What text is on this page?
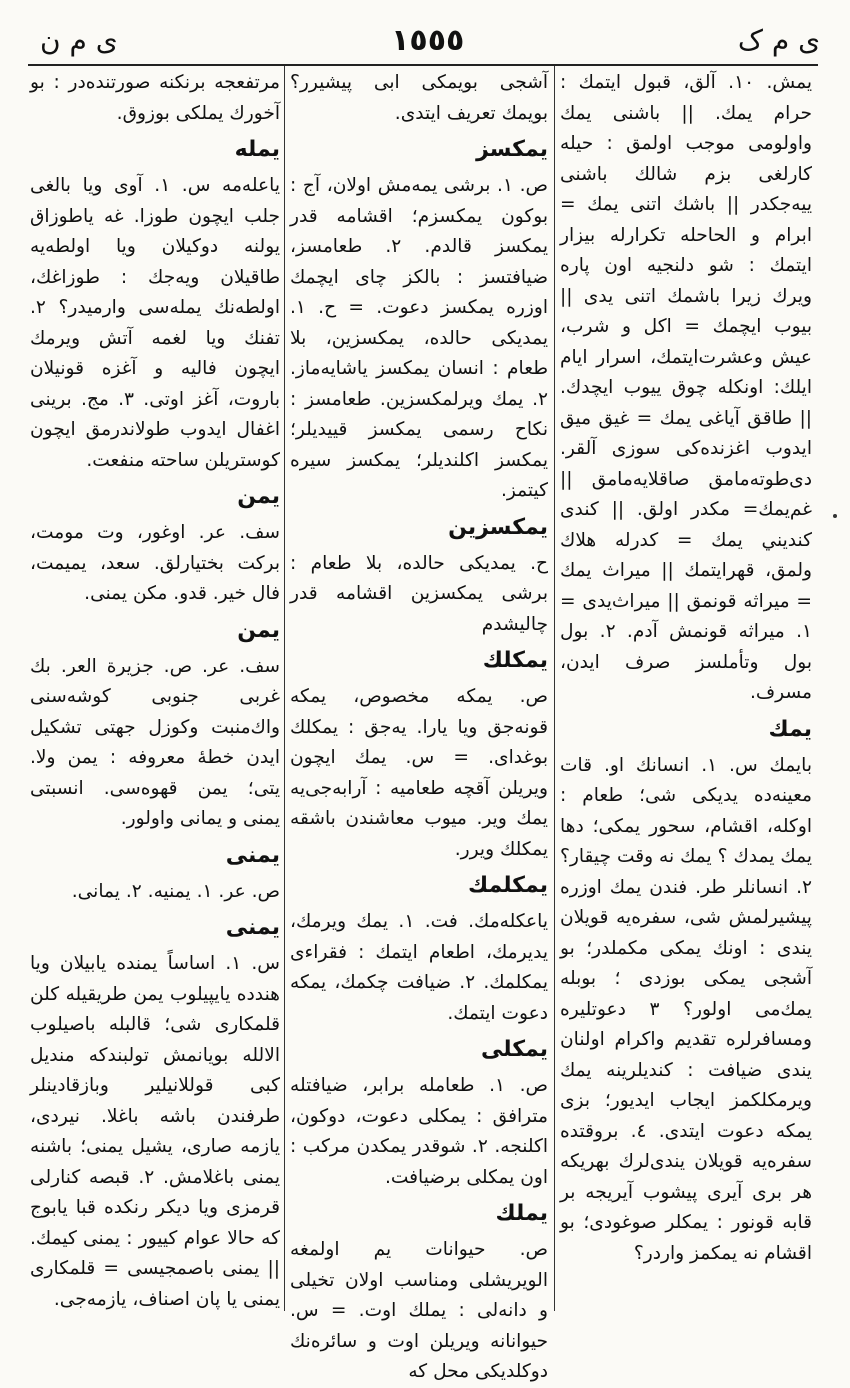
ی م ن	١٥٥٥	ی م ک

يمش. ١٠. آلق، قبول ايتمك : حرام يمك. || باشنى يمك واولومى موجب اولمق : حيله كارلغى بزم شالك باشنى ييه‌جكدر || باشك اتنى يمك = ابرام و الحاحله تكرارله بيزار ايتمك : شو دلنجيه اون پاره ويرك زيرا باشمك اتنى يدى || بيوب ايچمك = اكل و شرب، عيش وعشرت‌ايتمك، اسرار ايام ايلك: اونكله چوق ييوب ايچدك. || طاقق آياغى يمك = غيق ميق ايدوب اغزنده‌كى سوزى آلقر. دى‌طوته‌مامق صاقلايه‌مامق || غم‌يمك= مكدر اولق. || كندى كنديني يمك = كدرله هلاك ولمق، قهرايتمك || ميراث يمك = ميراثه قونمق || ميراث‌يدى = ١. ميراثه قونمش آدم. ٢. بول بول وتأملسز صرف ايدن، مسرف.

يمك

بايمك س. ١. انسانك او. قات معينه‌ده يديكى شى؛ طعام : اوكله، اقشام، سحور يمكى؛ دها يمك يمدك ؟ يمك نه وقت چيقار؟ ٢. انسانلر طر. فندن يمك اوزره پيشيرلمش شى، سفره‌يه قويلان يندى : اونك يمكى مكملدر؛ بو آشجى يمكى بوزدى ؛ بوبله يمك‌مى اولور؟ ٣ دعوتليره ومسافرلره تقديم واكرام اولنان يندى ضيافت : كنديلرينه يمك ويرمكلكمز ايجاب ايديور؛ بزى يمكه دعوت ايتدى. ٤. بروقتده سفره‌يه قويلان يندى‌لرك بهريكه هر برى آيرى پيشوب آيريجه بر قابه قونور : يمكلر صوغودى؛ بو اقشام نه يمكمز واردر؟

آشجى بويمكى ابى پيشيرر؟ بويمك تعريف ايتدى.

يمكسز

ص. ١. برشى يمه‌مش اولان، آج : بوكون يمكسزم؛ اقشامه قدر يمكسز قالدم. ٢. طعامسز، ضيافتسز : بالكز چاى ايچمك اوزره يمكسز دعوت. = ح. ١. يمديكى حالده، يمكسزين، بلا طعام : انسان يمكسز ياشايه‌ماز. ٢. يمك ويرلمكسزين. طعامسز : نكاح رسمى يمكسز قييديلر؛ يمكسز اكلنديلر؛ يمكسز سيره كيتمز.

يمكسزين

ح. يمديكى حالده، بلا طعام : برشى يمكسزين اقشامه قدر چاليشدم

يمكلك

ص. يمكه مخصوص، يمكه قونه‌جق ويا يارا. يه‌جق : يمكلك بوغداى. = س. يمك ايچون ويريلن آقچه طعاميه : آرابه‌جى‌يه يمك وير. ميوب معاشندن باشقه يمكلك ويرر.

يمكلمك

ياعكله‌مك. فت. ١. يمك ويرمك، يديرمك، اطعام ايتمك : فقراءى يمكلمك. ٢. ضيافت چكمك، يمكه دعوت ايتمك.

يمكلى

ص. ١. طعامله برابر، ضيافتله مترافق : يمكلى دعوت، دوكون، اكلنجه. ٢. شوقدر يمكدن مركب : اون يمكلى برضيافت.

يملك

ص. حيوانات يم اولمغه الويريشلى ومناسب اولان تخيلى و دانه‌لى : يملك اوت. = س. حيوانانه ويريلن اوت و سائره‌نك دوكلديكى محل كه

مرتفعجه برنكنه صورتنده‌در : بو آخورك يملكى بوزوق.

يمله

ياعله‌مه س. ١. آوى ويا بالغى جلب ايچون طوزا. غه ياطوزاق يولنه دوكيلان ويا اولطه‌يه طاقيلان ويه‌جك : طوزاغك، اولطه‌نك يمله‌سى وارميدر؟ ٢. تفنك ويا لغمه آتش ويرمك ايچون فاليه و آغزه قونيلان باروت، آغز اوتى. ٣. مج. برينى اغفال ايدوب طولاندرمق ايچون كوستريلن ساحته منفعت.

يمن

سف. عر. اوغور، وت مومت، بركت بختيارلق. سعد، يميمت، فال خير. قدو. مكن يمنى.

يمن

سف. عر. ص. جزيرة العر. بك غربى جنوبى كوشه‌سنى واك‌منبت وكوزل جهتى تشكيل ايدن خطهٔ معروفه : يمن ولا. يتى؛ يمن قهوه‌سى. انسبتى يمنى و يمانى واولور.

يمنى

ص. عر. ١. يمنيه. ٢. يمانى.

يمنى

س. ١. اساساً يمنده يابيلان ويا هندده يايپيلوب يمن طريقيله كلن قلمكارى شى؛ قالبله باصيلوب الالله بويانمش تولبندكه منديل كبى قوللانيلير وبازقادينلر طرفندن باشه باغلا. نيردى، يازمه صارى، يشيل يمنى؛ باشنه يمنى باغلامش. ٢. قبصه كنارلى قرمزى ويا ديكر رنكده قبا يابوج كه حالا عوام كييور : يمنى كيمك. || يمنى باصمجيسى = قلمكارى يمنى يا پان اصناف، يازمه‌جى.
